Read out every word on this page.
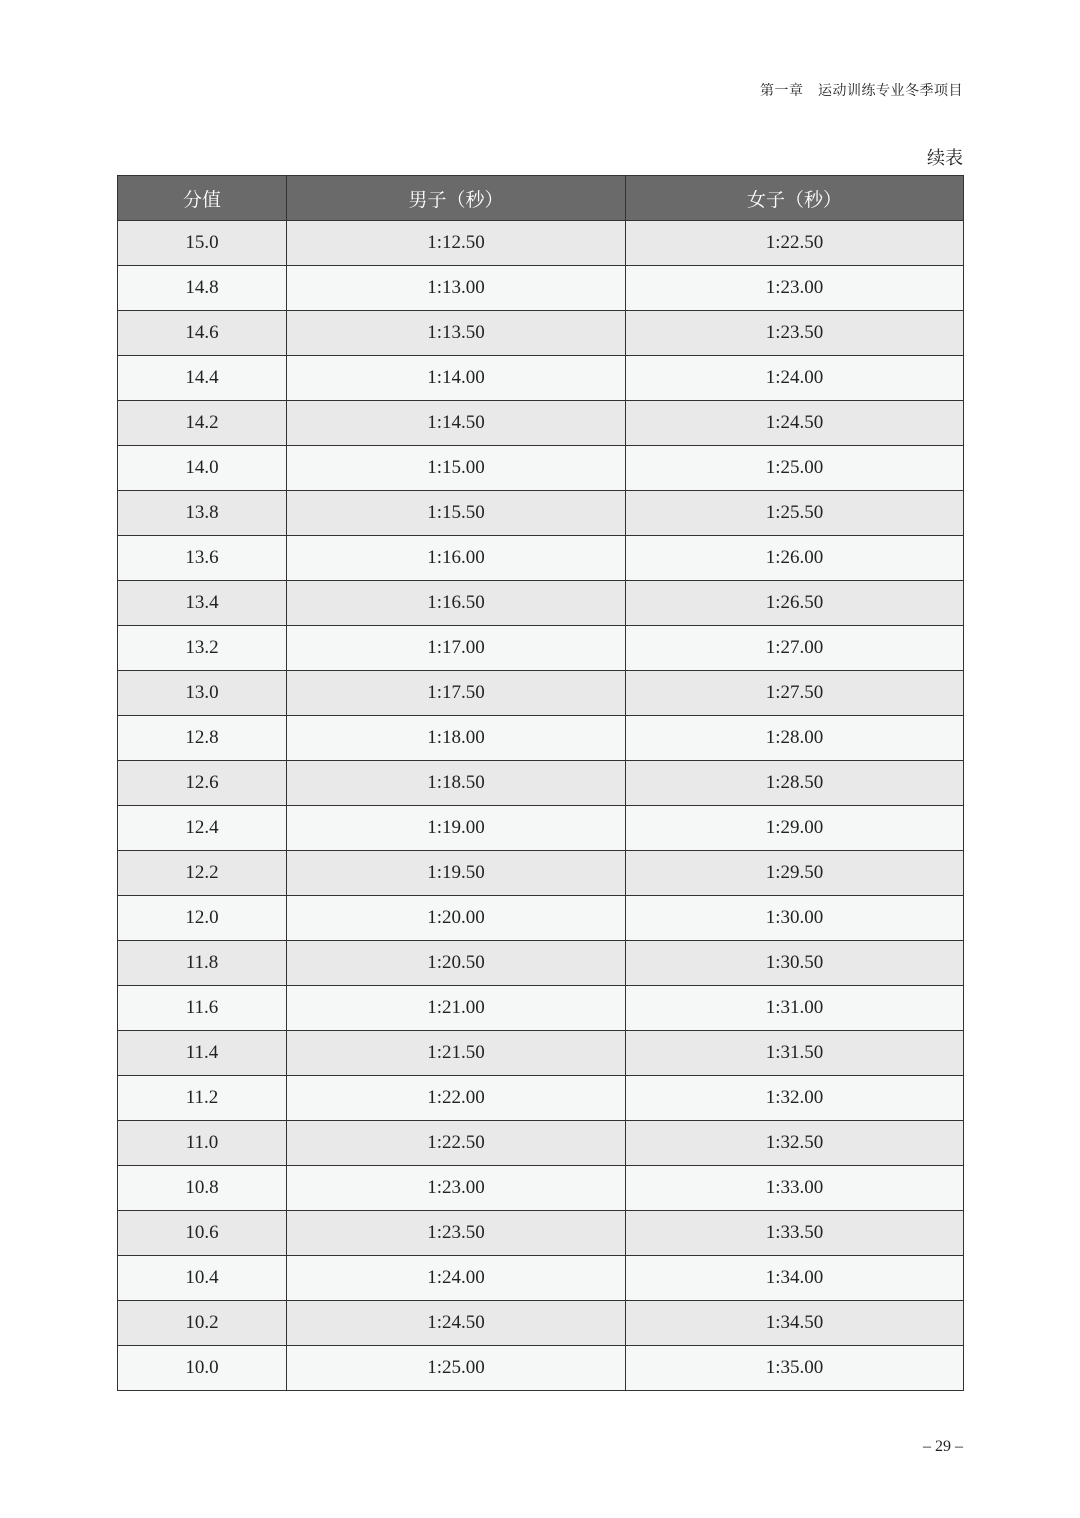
第一章　运动训练专业冬季项目
续表
分值	男子（秒）	女子（秒）
15.0	1:12.50	1:22.50
14.8	1:13.00	1:23.00
14.6	1:13.50	1:23.50
14.4	1:14.00	1:24.00
14.2	1:14.50	1:24.50
14.0	1:15.00	1:25.00
13.8	1:15.50	1:25.50
13.6	1:16.00	1:26.00
13.4	1:16.50	1:26.50
13.2	1:17.00	1:27.00
13.0	1:17.50	1:27.50
12.8	1:18.00	1:28.00
12.6	1:18.50	1:28.50
12.4	1:19.00	1:29.00
12.2	1:19.50	1:29.50
12.0	1:20.00	1:30.00
11.8	1:20.50	1:30.50
11.6	1:21.00	1:31.00
11.4	1:21.50	1:31.50
11.2	1:22.00	1:32.00
11.0	1:22.50	1:32.50
10.8	1:23.00	1:33.00
10.6	1:23.50	1:33.50
10.4	1:24.00	1:34.00
10.2	1:24.50	1:34.50
10.0	1:25.00	1:35.00
– 29 –
